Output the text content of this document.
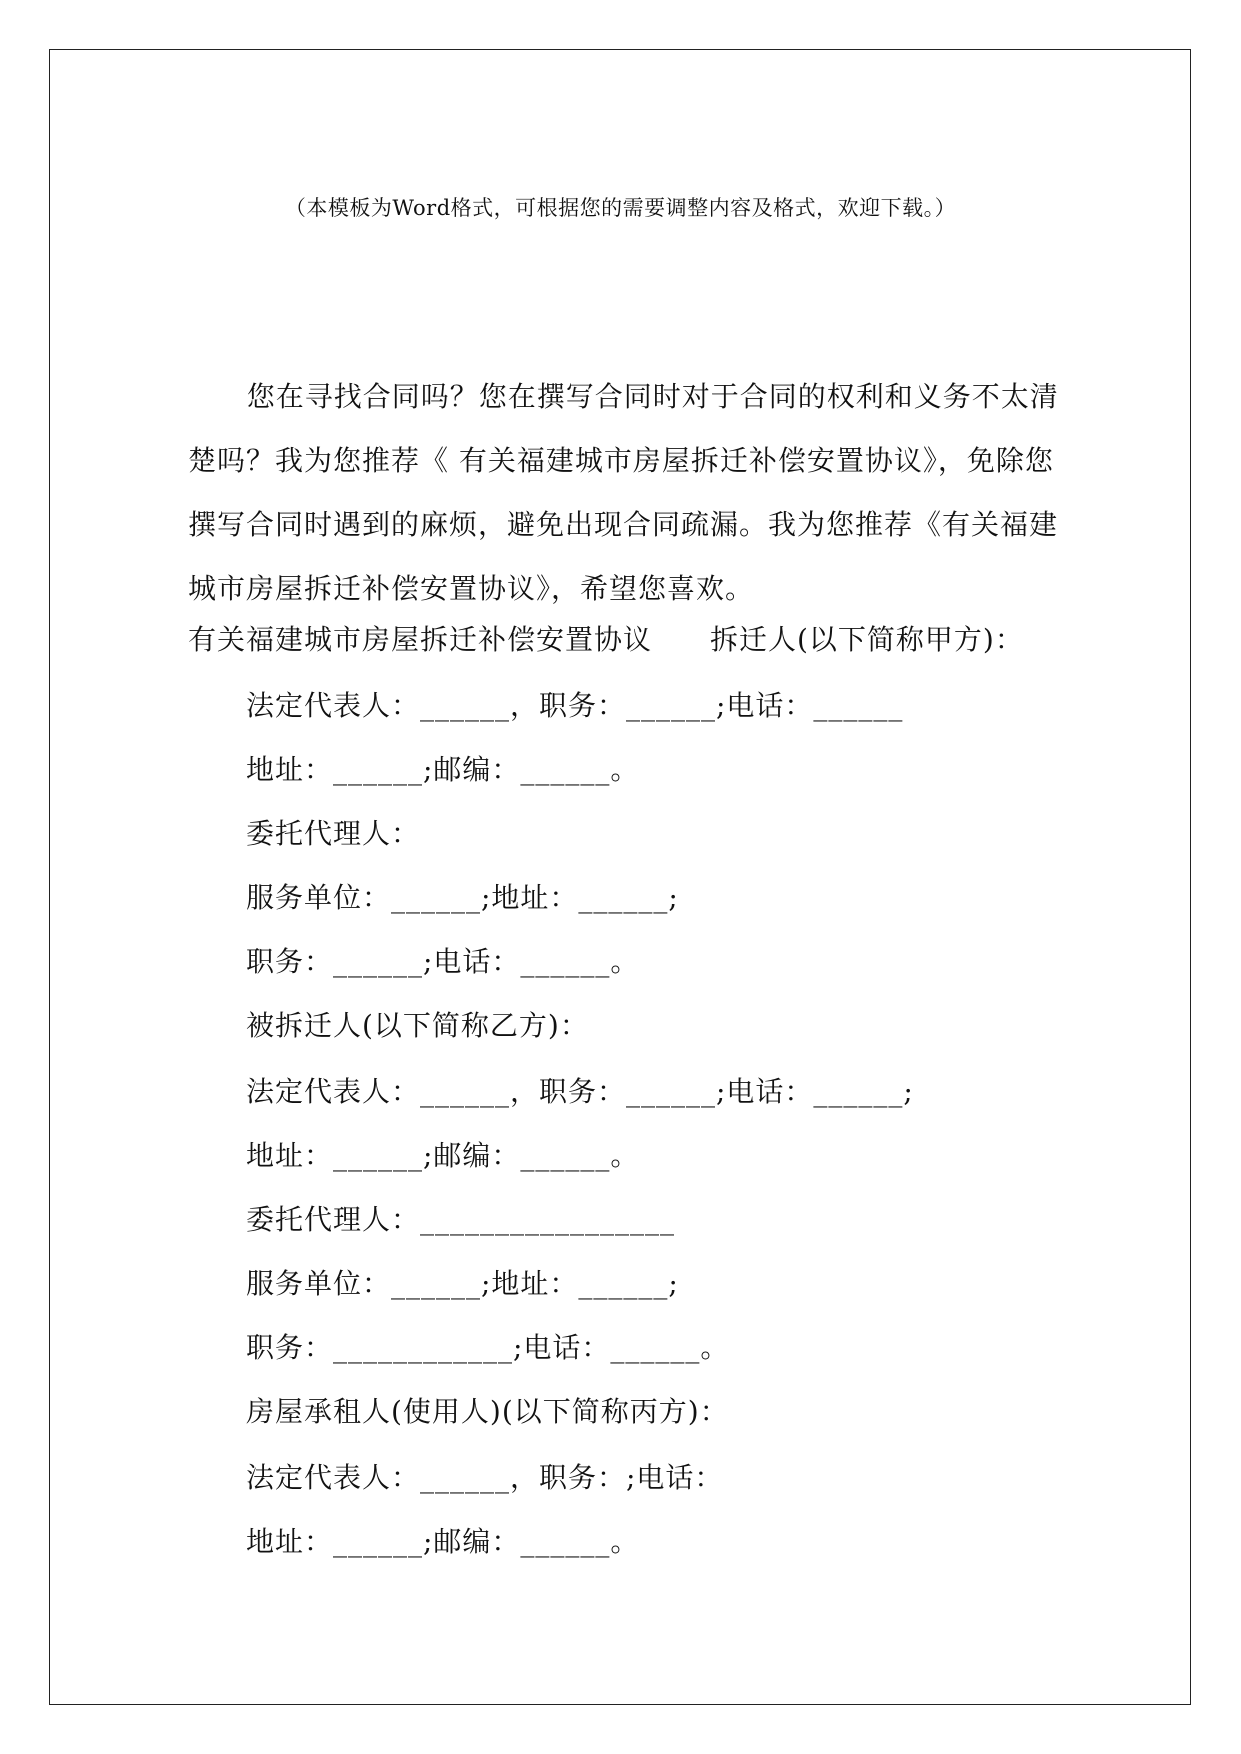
（本模板为Word格式，可根据您的需要调整内容及格式，欢迎下载。）

您在寻找合同吗？您在撰写合同时对于合同的权利和义务不太清楚吗？我为您推荐《 有关福建城市房屋拆迁补偿安置协议》，免除您撰写合同时遇到的麻烦，避免出现合同疏漏。我为您推荐《有关福建城市房屋拆迁补偿安置协议》，希望您喜欢。

有关福建城市房屋拆迁补偿安置协议　　拆迁人(以下简称甲方)：
法定代表人：______，职务：______;电话：______
地址：______;邮编：______。
委托代理人：
服务单位：______;地址：______;
职务：______;电话：______。
被拆迁人(以下简称乙方)：
法定代表人：______，职务：______;电话：______;
地址：______;邮编：______。
委托代理人：_________________
服务单位：______;地址：______;
职务：____________;电话：______。
房屋承租人(使用人)(以下简称丙方)：
法定代表人：______，职务：;电话：
地址：______;邮编：______。
